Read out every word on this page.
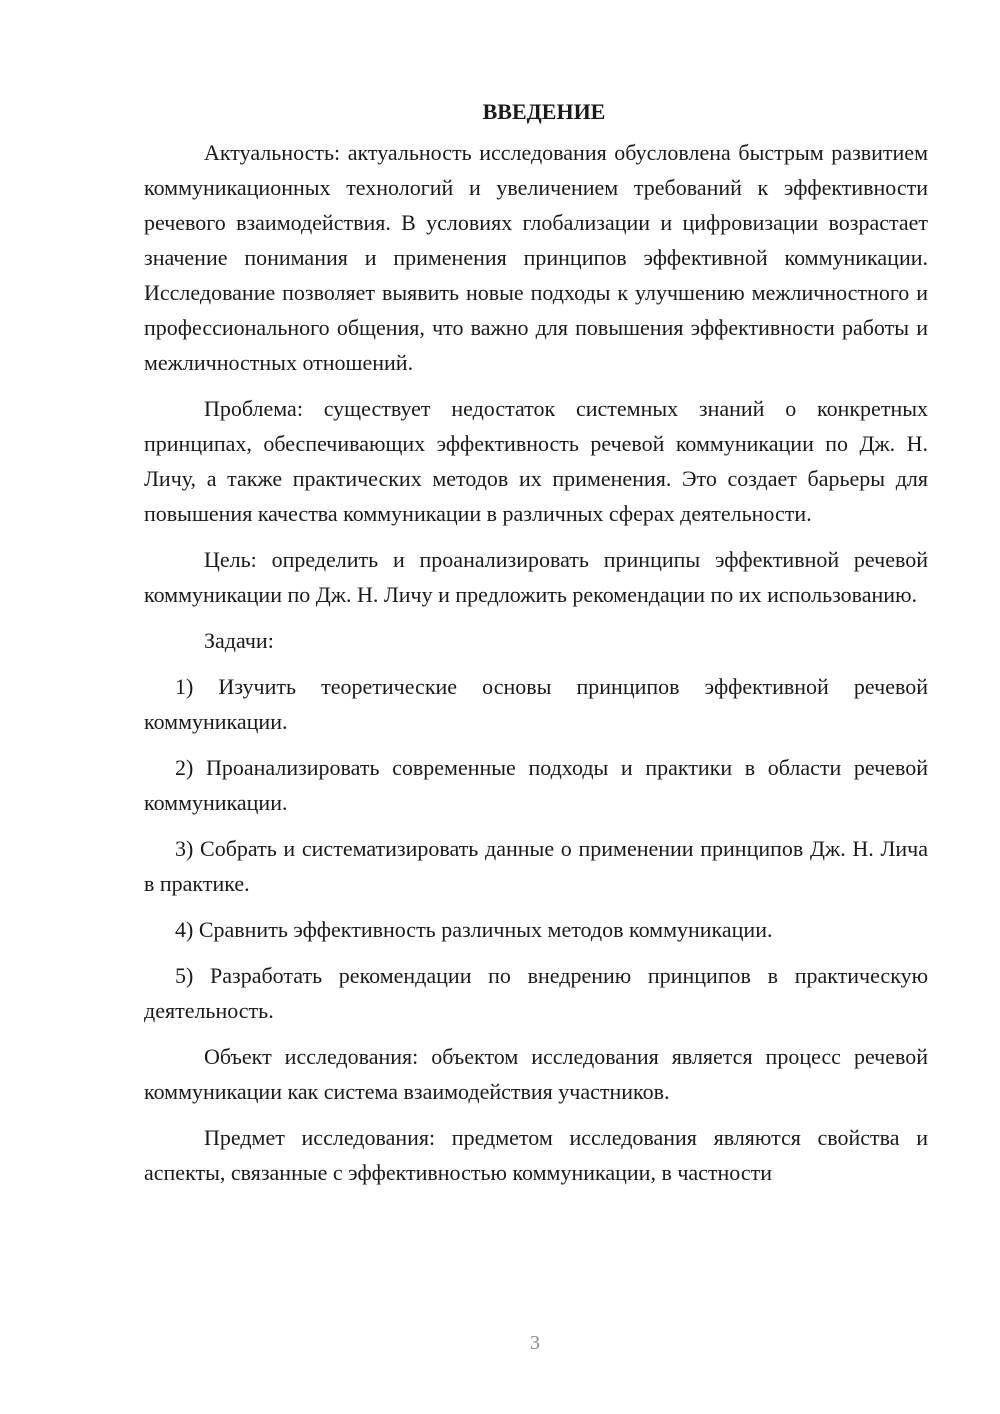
ВВЕДЕНИЕ

Актуальность: актуальность исследования обусловлена быстрым развитием коммуникационных технологий и увеличением требований к эффективности речевого взаимодействия. В условиях глобализации и цифровизации возрастает значение понимания и применения принципов эффективной коммуникации. Исследование позволяет выявить новые подходы к улучшению межличностного и профессионального общения, что важно для повышения эффективности работы и межличностных отношений.

Проблема: существует недостаток системных знаний о конкретных принципах, обеспечивающих эффективность речевой коммуникации по Дж. Н. Личу, а также практических методов их применения. Это создает барьеры для повышения качества коммуникации в различных сферах деятельности.

Цель: определить и проанализировать принципы эффективной речевой коммуникации по Дж. Н. Личу и предложить рекомендации по их использованию.

Задачи:

1) Изучить теоретические основы принципов эффективной речевой коммуникации.

2) Проанализировать современные подходы и практики в области речевой коммуникации.

3) Собрать и систематизировать данные о применении принципов Дж. Н. Лича в практике.

4) Сравнить эффективность различных методов коммуникации.

5) Разработать рекомендации по внедрению принципов в практическую деятельность.

Объект исследования: объектом исследования является процесс речевой коммуникации как система взаимодействия участников.

Предмет исследования: предметом исследования являются свойства и аспекты, связанные с эффективностью коммуникации, в частности

3
